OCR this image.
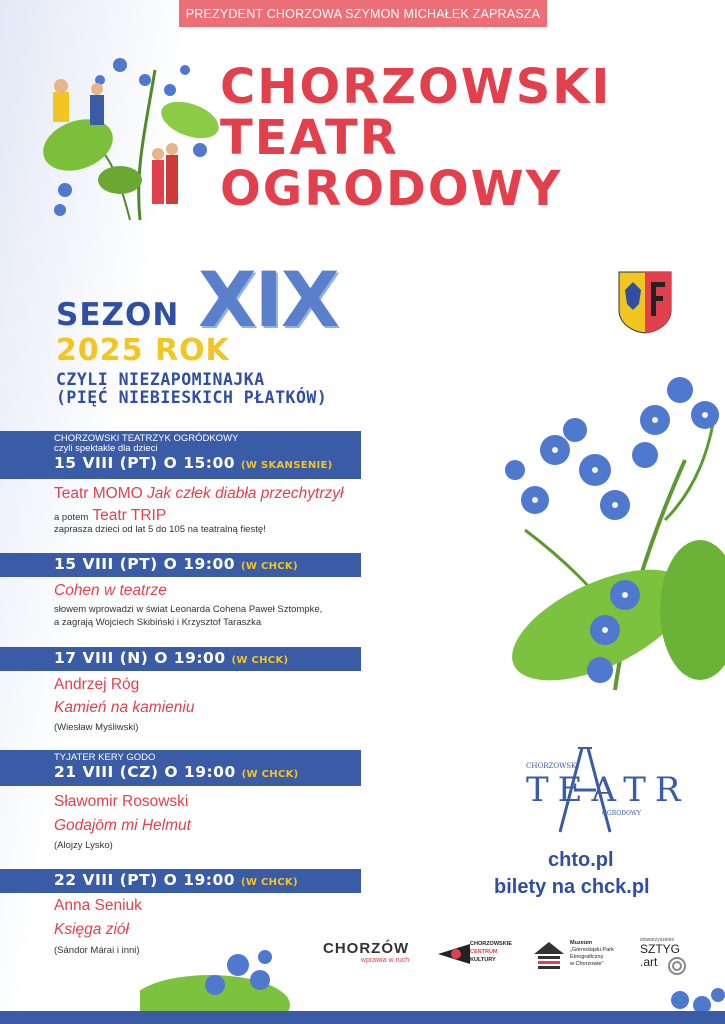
PREZYDENT CHORZOWA SZYMON MICHAŁEK ZAPRASZA
CHORZOWSKI
TEATR
OGRODOWY
SEZON XIX
2025 ROK
CZYLI NIEZAPOMINAJKA
(PIĘĆ NIEBIESKICH PŁATKÓW)
CHORZOWSKI TEATRZYK OGRÓDKOWY
czyli spektakle dla dzieci
15 VIII (PT) O 15:00 (W SKANSENIE)
Teatr MOMO Jak człek diabła przechytrzył
a potem Teatr TRIP
zaprasza dzieci od lat 5 do 105 na teatralną fiestę!
15 VIII (PT) O 19:00 (W CHCK)
Cohen w teatrze
słowem wprowadzi w świat Leonarda Cohena Paweł Sztompke,
a zagrają Wojciech Skibiński i Krzysztof Taraszka
17 VIII (N) O 19:00 (W CHCK)
Andrzej Róg
Kamień na kamieniu
(Wiesław Myśliwski)
TYJATER KERY GODO
21 VIII (CZ) O 19:00 (W CHCK)
Sławomir Rosowski
Godajōm mi Helmut
(Alojzy Lysko)
22 VIII (PT) O 19:00 (W CHCK)
Anna Seniuk
Księga ziół
(Sándor Márai i inni)
CHORZOWSKI
TEATR
OGRODOWY
chto.pl
bilety na chck.pl
CHORZÓW
wprawia w ruch
CHORZOWSKIE
CENTRUM
KULTURY
Muzeum
„Górnośląski Park
Etnograficzny
w Chorzowie"
stowarzyszenie
SZTYG
.art
